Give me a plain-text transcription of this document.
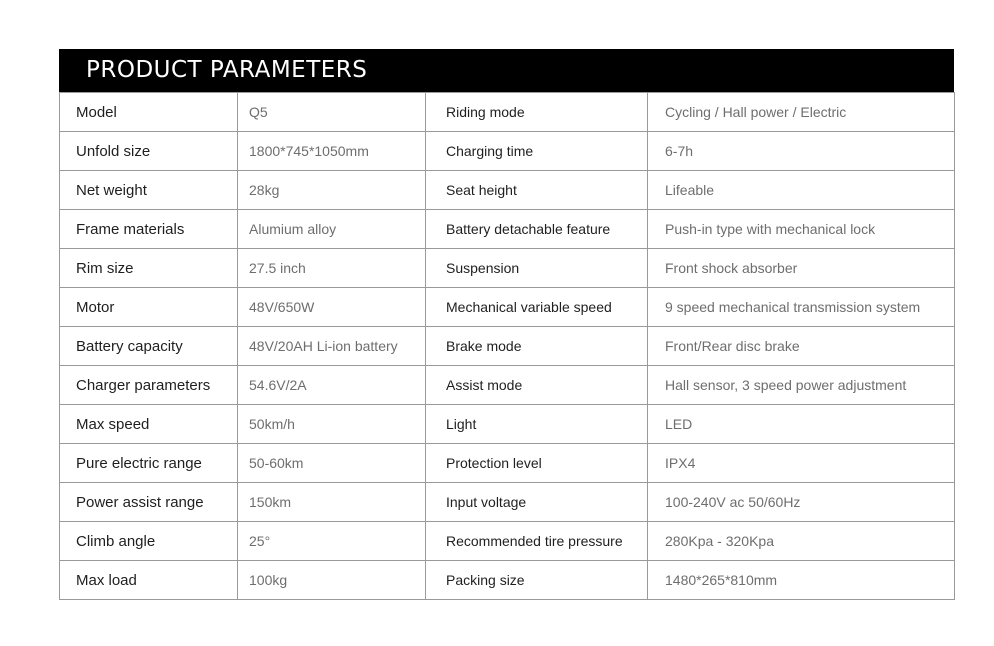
PRODUCT PARAMETERS
Model	Q5	Riding mode	Cycling / Hall power / Electric
Unfold size	1800*745*1050mm	Charging time	6-7h
Net weight	28kg	Seat height	Lifeable
Frame materials	Alumium alloy	Battery detachable feature	Push-in type with mechanical lock
Rim size	27.5 inch	Suspension	Front shock absorber
Motor	48V/650W	Mechanical variable speed	9 speed mechanical transmission system
Battery capacity	48V/20AH Li-ion battery	Brake mode	Front/Rear disc brake
Charger parameters	54.6V/2A	Assist mode	Hall sensor, 3 speed power adjustment
Max speed	50km/h	Light	LED
Pure electric range	50-60km	Protection level	IPX4
Power assist range	150km	Input voltage	100-240V ac 50/60Hz
Climb angle	25°	Recommended tire pressure	280Kpa - 320Kpa
Max load	100kg	Packing size	1480*265*810mm
